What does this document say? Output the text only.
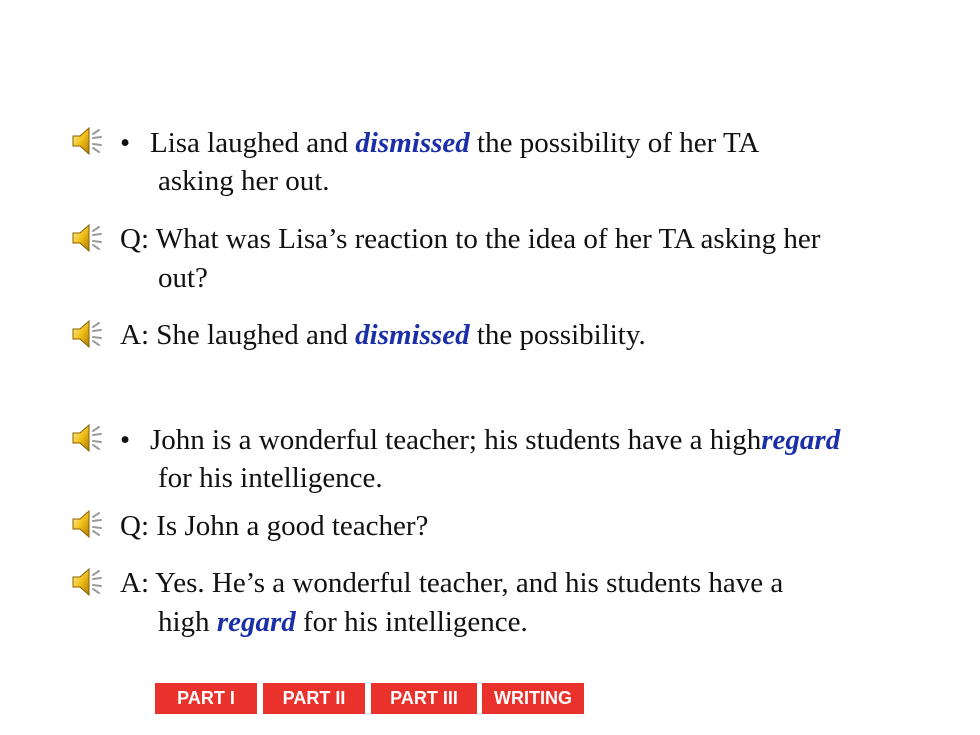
• Lisa laughed and dismissed the possibility of her TA
asking her out.
Q: What was Lisa’s reaction to the idea of her TA asking her
out?
A: She laughed and dismissed the possibility.
• John is a wonderful teacher; his students have a highregard
for his intelligence.
Q: Is John a good teacher?
A: Yes. He’s a wonderful teacher, and his students have a
high regard for his intelligence.
PART I	PART II	PART III	WRITING
